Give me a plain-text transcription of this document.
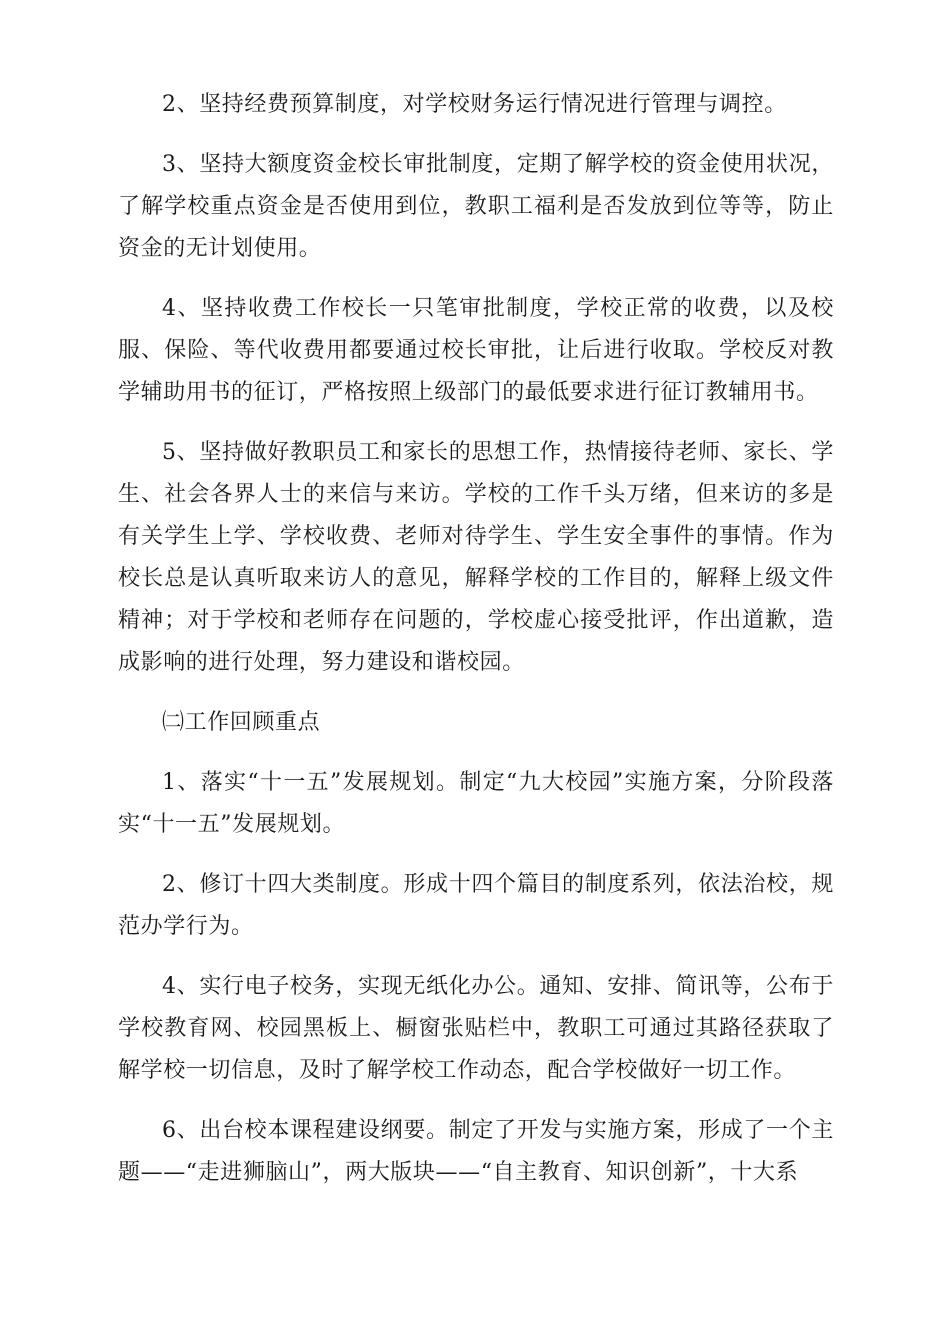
2、坚持经费预算制度，对学校财务运行情况进行管理与调控。

3、坚持大额度资金校长审批制度，定期了解学校的资金使用状况，了解学校重点资金是否使用到位，教职工福利是否发放到位等等，防止资金的无计划使用。

4、坚持收费工作校长一只笔审批制度，学校正常的收费，以及校服、保险、等代收费用都要通过校长审批，让后进行收取。学校反对教学辅助用书的征订，严格按照上级部门的最低要求进行征订教辅用书。

5、坚持做好教职员工和家长的思想工作，热情接待老师、家长、学生、社会各界人士的来信与来访。学校的工作千头万绪，但来访的多是有关学生上学、学校收费、老师对待学生、学生安全事件的事情。作为校长总是认真听取来访人的意见，解释学校的工作目的，解释上级文件精神；对于学校和老师存在问题的，学校虚心接受批评，作出道歉，造成影响的进行处理，努力建设和谐校园。

㈡工作回顾重点

1、落实“十一五”发展规划。制定“九大校园”实施方案，分阶段落实“十一五”发展规划。

2、修订十四大类制度。形成十四个篇目的制度系列，依法治校，规范办学行为。

4、实行电子校务，实现无纸化办公。通知、安排、简讯等，公布于学校教育网、校园黑板上、橱窗张贴栏中，教职工可通过其路径获取了解学校一切信息，及时了解学校工作动态，配合学校做好一切工作。

6、出台校本课程建设纲要。制定了开发与实施方案，形成了一个主题——“走进狮脑山”，两大版块——“自主教育、知识创新”，十大系
